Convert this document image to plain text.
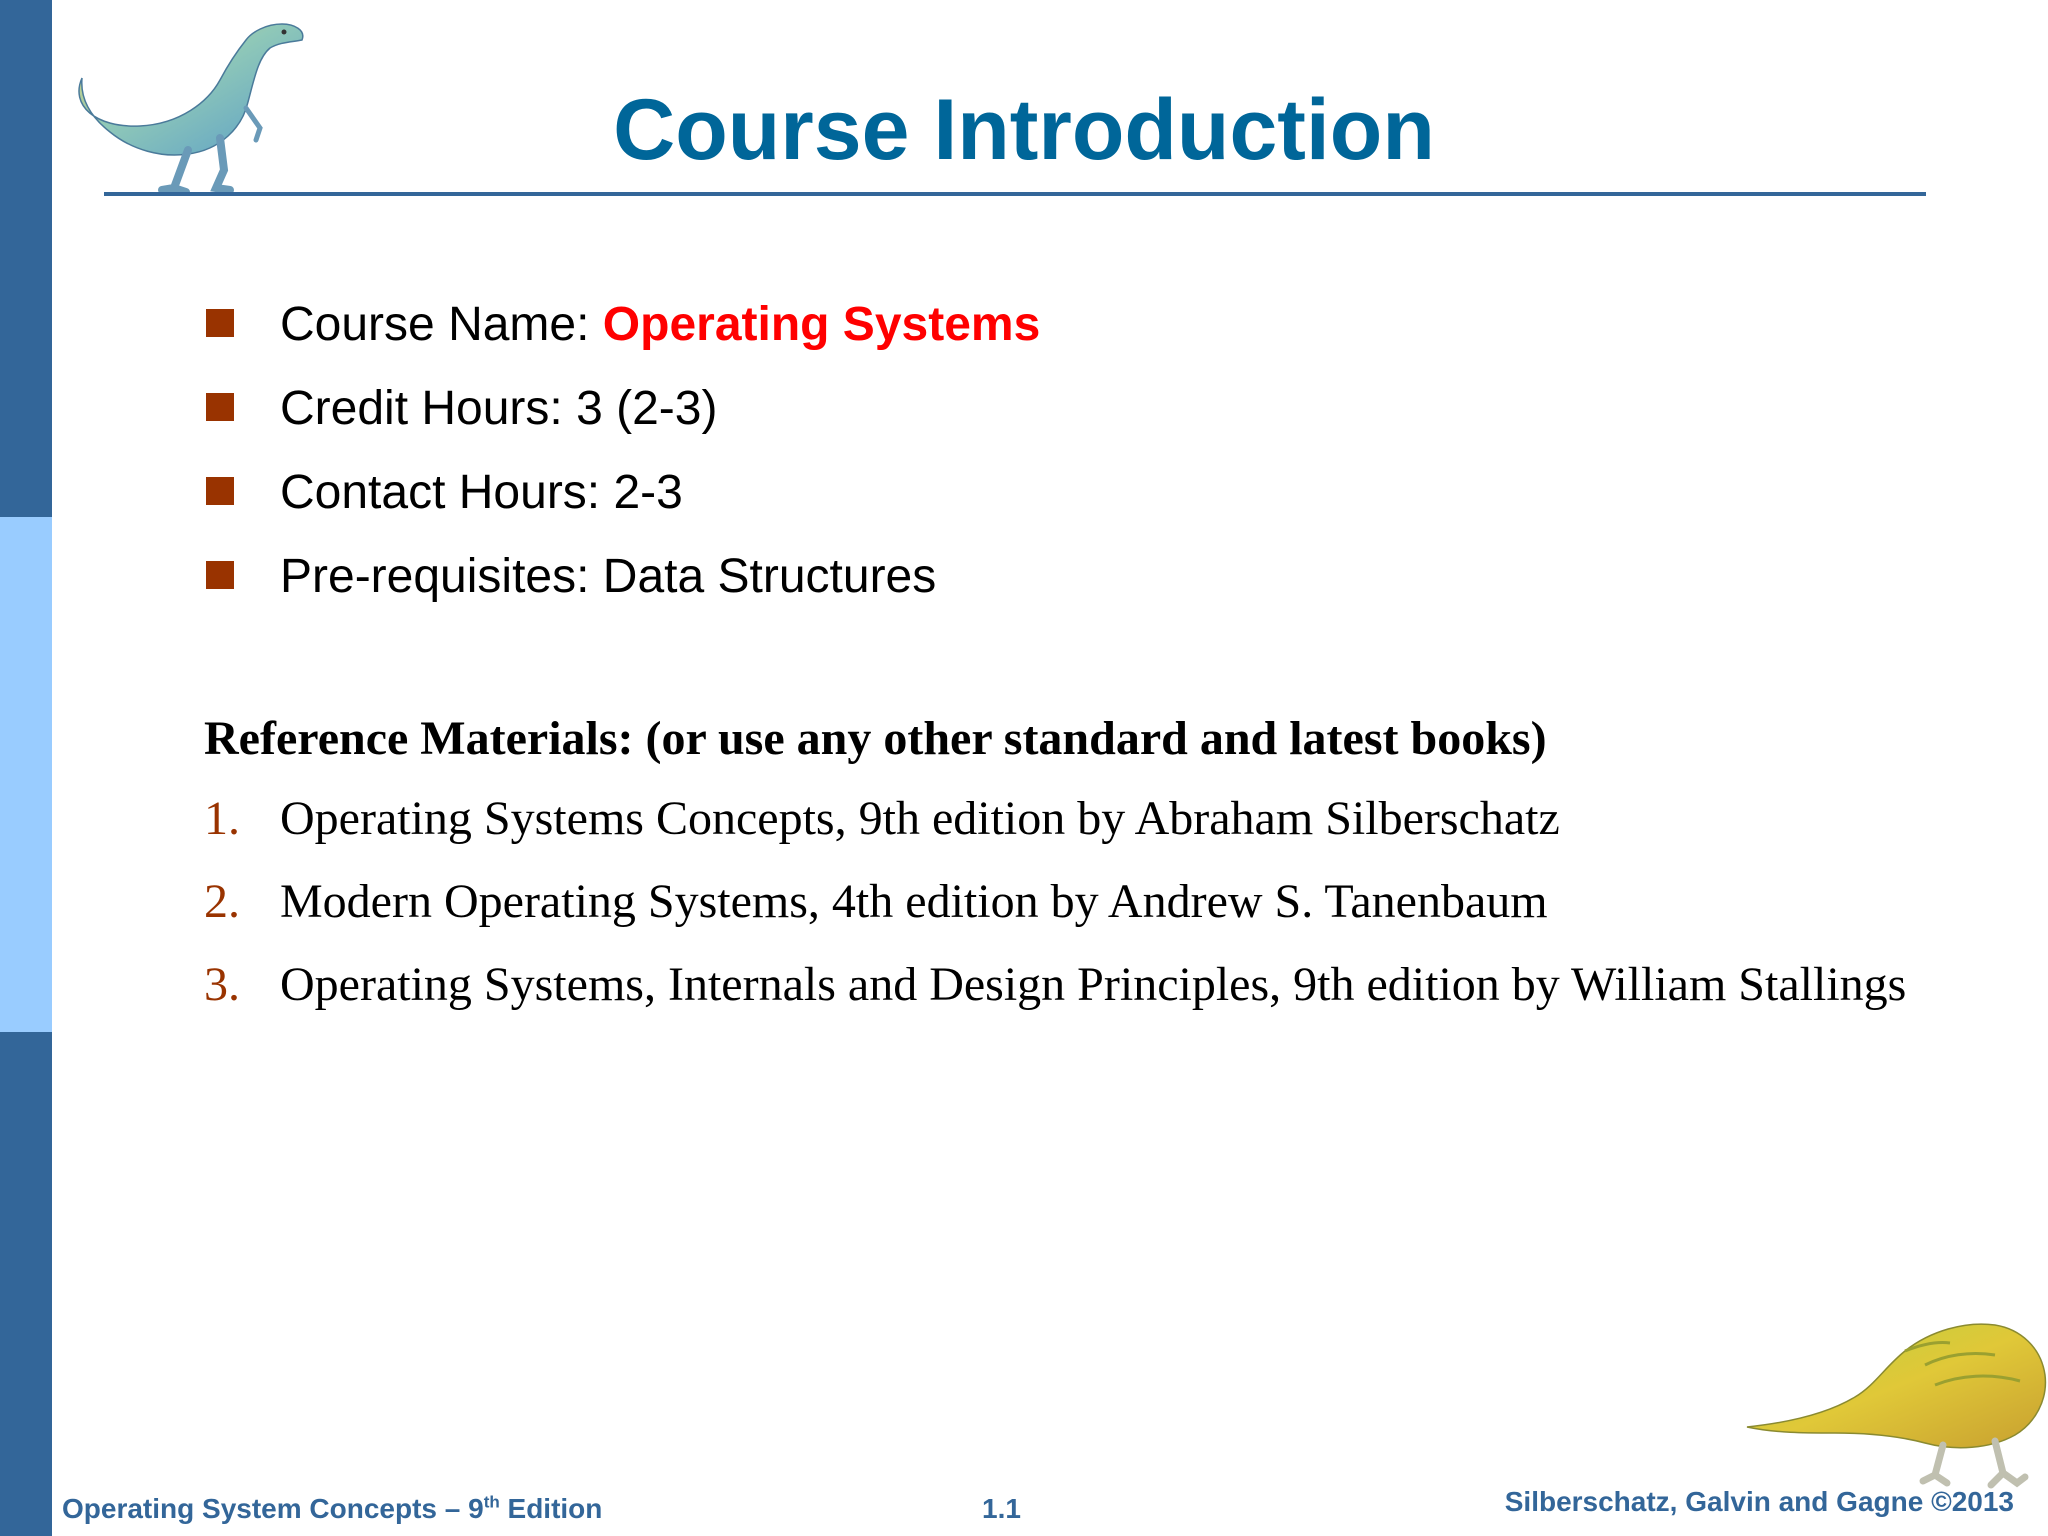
Course Introduction
Course Name: Operating Systems
Credit Hours: 3 (2-3)
Contact Hours: 2-3
Pre-requisites: Data Structures

Reference Materials: (or use any other standard and latest books)

1. Operating Systems Concepts, 9th edition by Abraham Silberschatz
2. Modern Operating Systems, 4th edition by Andrew S. Tanenbaum
3. Operating Systems, Internals and Design Principles, 9th edition by William Stallings
Operating System Concepts – 9th Edition	1.1	Silberschatz, Galvin and Gagne ©2013
